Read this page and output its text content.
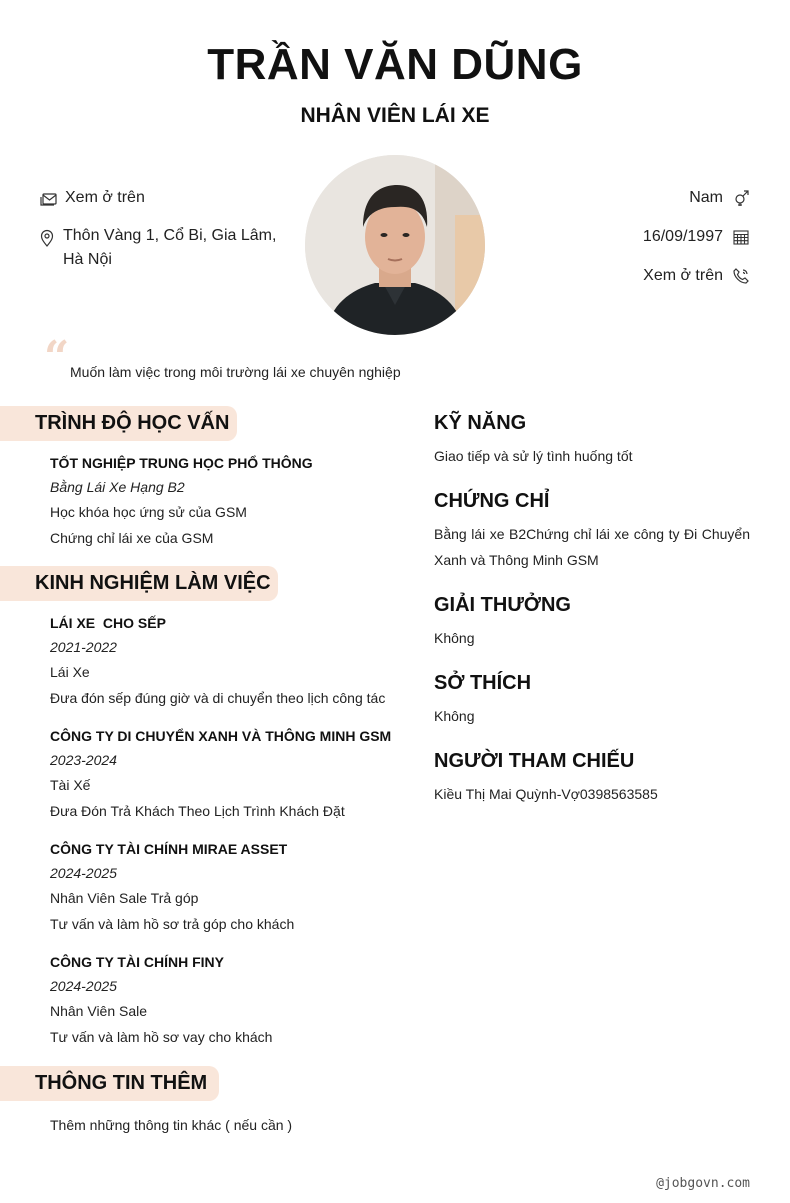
TRẦN VĂN DŨNG
NHÂN VIÊN LÁI XE
Xem ở trên
Thôn Vàng 1, Cổ Bi, Gia Lâm,
Hà Nội
Nam
16/09/1997
Xem ở trên
“ Muốn làm việc trong môi trường lái xe chuyên nghiệp
TRÌNH ĐỘ HỌC VẤN
TỐT NGHIỆP TRUNG HỌC PHỔ THÔNG
Bằng Lái Xe Hạng B2
Học khóa học ứng sử của GSM
Chứng chỉ lái xe của GSM
KINH NGHIỆM LÀM VIỆC
LÁI XE  CHO SẾP
2021-2022
Lái Xe
Đưa đón sếp đúng giờ và di chuyển theo lịch công tác
CÔNG TY DI CHUYỂN XANH VÀ THÔNG MINH GSM
2023-2024
Tài Xế
Đưa Đón Trả Khách Theo Lịch Trình Khách Đặt
CÔNG TY TÀI CHÍNH MIRAE ASSET
2024-2025
Nhân Viên Sale Trả góp
Tư vấn và làm hồ sơ trả góp cho khách
CÔNG TY TÀI CHÍNH FINY
2024-2025
Nhân Viên Sale
Tư vấn và làm hồ sơ vay cho khách
THÔNG TIN THÊM
Thêm những thông tin khác ( nếu cần )
KỸ NĂNG
Giao tiếp và sử lý tình huống tốt
CHỨNG CHỈ
Bằng lái xe B2Chứng chỉ lái xe công ty Đi Chuyển Xanh và Thông Minh GSM
GIẢI THƯỞNG
Không
SỞ THÍCH
Không
NGƯỜI THAM CHIẾU
Kiều Thị Mai Quỳnh-Vợ0398563585
@jobgovn.com
